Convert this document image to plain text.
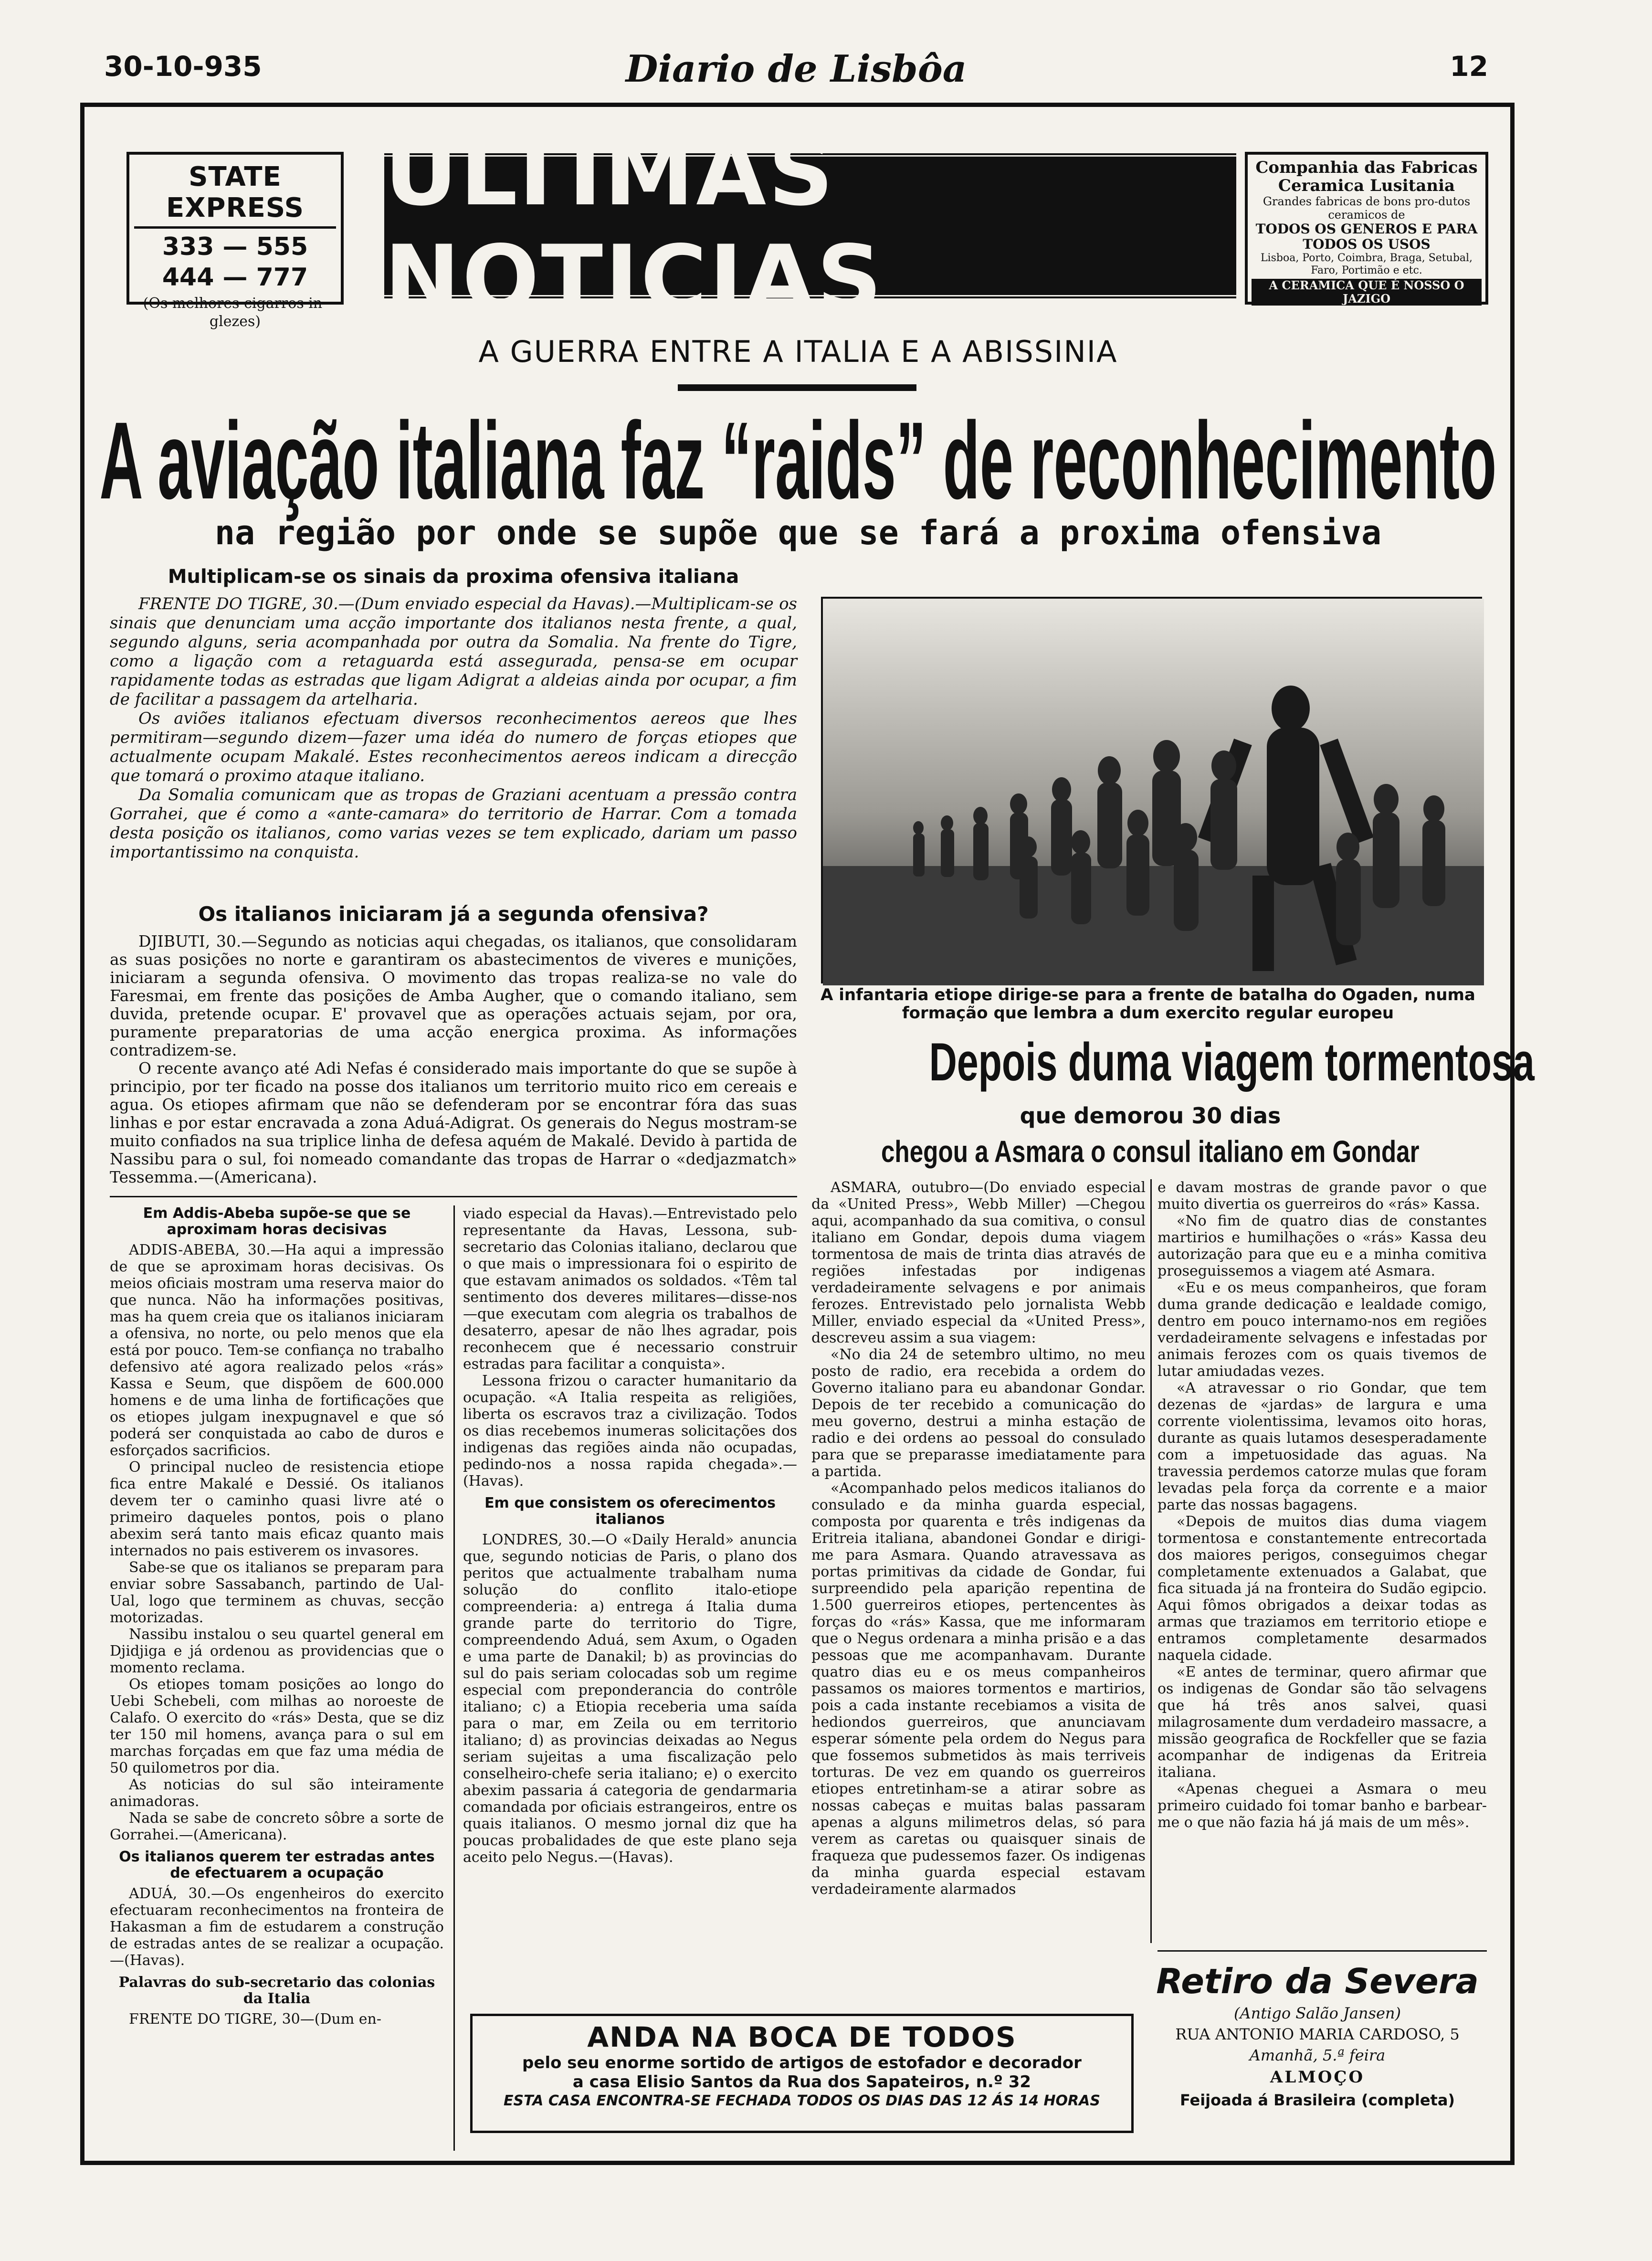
30-10-935	Diario de Lisbôa	12
STATE EXPRESS
333 — 555
444 — 777
(Os melhores cigarros in-glezes)
ULTIMAS NOTICIAS
Companhia das Fabricas
Ceramica Lusitania
Grandes fabricas de bons pro-dutos ceramicos de
TODOS OS GENEROS E PARA TODOS OS USOS
Lisboa, Porto, Coimbra, Braga, Setubal, Faro, Portimão e etc.
A CERAMICA QUE É NOSSO O JAZIGO
A GUERRA ENTRE A ITALIA E A ABISSINIA
A aviação italiana faz “raids” de reconhecimento
na região por onde se supõe que se fará a proxima ofensiva
Multiplicam-se os sinais da proxima ofensiva italiana

FRENTE DO TIGRE, 30.—(Dum enviado especial da Havas).—Multiplicam-se os sinais que denunciam uma acção importante dos italianos nesta frente, a qual, segundo alguns, seria acompanhada por outra da Somalia. Na frente do Tigre, como a ligação com a retaguarda está assegurada, pensa-se em ocupar rapidamente todas as estradas que ligam Adigrat a aldeias ainda por ocupar, a fim de facilitar a passagem da artelharia.

Os aviões italianos efectuam diversos reconhecimentos aereos que lhes permitiram—segundo dizem—fazer uma idéa do numero de forças etiopes que actualmente ocupam Makalé. Estes reconhecimentos aereos indicam a direcção que tomará o proximo ataque italiano.

Da Somalia comunicam que as tropas de Graziani acentuam a pressão contra Gorrahei, que é como a «ante-camara» do territorio de Harrar. Com a tomada desta posição os italianos, como varias vezes se tem explicado, dariam um passo importantissimo na conquista.

Os italianos iniciaram já a segunda ofensiva?

DJIBUTI, 30.—Segundo as noticias aqui chegadas, os italianos, que consolidaram as suas posições no norte e garantiram os abastecimentos de viveres e munições, iniciaram a segunda ofensiva. O movimento das tropas realiza-se no vale do Faresmai, em frente das posições de Amba Augher, que o comando italiano, sem duvida, pretende ocupar. E' provavel que as operações actuais sejam, por ora, puramente preparatorias de uma acção energica proxima. As informações contradizem-se.

O recente avanço até Adi Nefas é considerado mais importante do que se supõe à principio, por ter ficado na posse dos italianos um territorio muito rico em cereais e agua. Os etiopes afirmam que não se defenderam por se encontrar fóra das suas linhas e por estar encravada a zona Aduá-Adigrat. Os generais do Negus mostram-se muito confiados na sua triplice linha de defesa aquém de Makalé. Devido à partida de Nassibu para o sul, foi nomeado comandante das tropas de Harrar o «dedjazmatch» Tessemma.—(Americana).

Em Addis-Abeba supõe-se que se aproximam horas decisivas

ADDIS-ABEBA, 30.—Ha aqui a impressão de que se aproximam horas decisivas. Os meios oficiais mostram uma reserva maior do que nunca. Não ha informações positivas, mas ha quem creia que os italianos iniciaram a ofensiva, no norte, ou pelo menos que ela está por pouco. Tem-se confiança no trabalho defensivo até agora realizado pelos «rás» Kassa e Seum, que dispõem de 600.000 homens e de uma linha de fortificações que os etiopes julgam inexpugnavel e que só poderá ser conquistada ao cabo de duros e esforçados sacrificios.

O principal nucleo de resistencia etiope fica entre Makalé e Dessié. Os italianos devem ter o caminho quasi livre até o primeiro daqueles pontos, pois o plano abexim será tanto mais eficaz quanto mais internados no pais estiverem os invasores.

Sabe-se que os italianos se preparam para enviar sobre Sassabanch, partindo de Ual-Ual, logo que terminem as chuvas, secção motorizadas.

Nassibu instalou o seu quartel general em Djidjiga e já ordenou as providencias que o momento reclama.

Os etiopes tomam posições ao longo do Uebi Schebeli, com milhas ao noroeste de Calafo. O exercito do «rás» Desta, que se diz ter 150 mil homens, avança para o sul em marchas forçadas em que faz uma média de 50 quilometros por dia.

As noticias do sul são inteiramente animadoras.

Nada se sabe de concreto sôbre a sorte de Gorrahei.—(Americana).

Os italianos querem ter estradas antes de efectuarem a ocupação

ADUÁ, 30.—Os engenheiros do exercito efectuaram reconhecimentos na fronteira de Hakasman a fim de estudarem a construção de estradas antes de se realizar a ocupação.—(Havas).

Palavras do sub-secretario das colonias da Italia

FRENTE DO TIGRE, 30—(Dum en-

viado especial da Havas).—Entrevistado pelo representante da Havas, Lessona, sub-secretario das Colonias italiano, declarou que o que mais o impressionara foi o espirito de que estavam animados os soldados. «Têm tal sentimento dos deveres militares—disse-nos—que executam com alegria os trabalhos de desaterro, apesar de não lhes agradar, pois reconhecem que é necessario construir estradas para facilitar a conquista».

Lessona frizou o caracter humanitario da ocupação. «A Italia respeita as religiões, liberta os escravos traz a civilização. Todos os dias recebemos inumeras solicitações dos indigenas das regiões ainda não ocupadas, pedindo-nos a nossa rapida chegada».—(Havas).

Em que consistem os oferecimentos italianos

LONDRES, 30.—O «Daily Herald» anuncia que, segundo noticias de Paris, o plano dos peritos que actualmente trabalham numa solução do conflito italo-etiope compreenderia: a) entrega á Italia duma grande parte do territorio do Tigre, compreendendo Aduá, sem Axum, o Ogaden e uma parte de Danakil; b) as provincias do sul do pais seriam colocadas sob um regime especial com preponderancia do contrôle italiano; c) a Etiopia receberia uma saída para o mar, em Zeila ou em territorio italiano; d) as provincias deixadas ao Negus seriam sujeitas a uma fiscalização pelo conselheiro-chefe seria italiano; e) o exercito abexim passaria á categoria de gendarmaria comandada por oficiais estrangeiros, entre os quais italianos. O mesmo jornal diz que ha poucas probalidades de que este plano seja aceito pelo Negus.—(Havas).

A infantaria etiope dirige-se para a frente de batalha do Ogaden, numa formação que lembra a dum exercito regular europeu
Depois duma viagem tormentosa
que demorou 30 dias
chegou a Asmara o consul italiano em Gondar

ASMARA, outubro—(Do enviado especial da «United Press», Webb Miller) —Chegou aqui, acompanhado da sua comitiva, o consul italiano em Gondar, depois duma viagem tormentosa de mais de trinta dias através de regiões infestadas por indigenas verdadeiramente selvagens e por animais ferozes. Entrevistado pelo jornalista Webb Miller, enviado especial da «United Press», descreveu assim a sua viagem:

«No dia 24 de setembro ultimo, no meu posto de radio, era recebida a ordem do Governo italiano para eu abandonar Gondar. Depois de ter recebido a comunicação do meu governo, destrui a minha estação de radio e dei ordens ao pessoal do consulado para que se preparasse imediatamente para a partida.

«Acompanhado pelos medicos italianos do consulado e da minha guarda especial, composta por quarenta e três indigenas da Eritreia italiana, abandonei Gondar e dirigi-me para Asmara. Quando atravessava as portas primitivas da cidade de Gondar, fui surpreendido pela aparição repentina de 1.500 guerreiros etiopes, pertencentes às forças do «rás» Kassa, que me informaram que o Negus ordenara a minha prisão e a das pessoas que me acompanhavam. Durante quatro dias eu e os meus companheiros passamos os maiores tormentos e martirios, pois a cada instante recebiamos a visita de hediondos guerreiros, que anunciavam esperar sómente pela ordem do Negus para que fossemos submetidos às mais terriveis torturas. De vez em quando os guerreiros etiopes entretinham-se a atirar sobre as nossas cabeças e muitas balas passaram apenas a alguns milimetros delas, só para verem as caretas ou quaisquer sinais de fraqueza que pudessemos fazer. Os indigenas da minha guarda especial estavam verdadeiramente alarmados

e davam mostras de grande pavor o que muito divertia os guerreiros do «rás» Kassa.

«No fim de quatro dias de constantes martirios e humilhações o «rás» Kassa deu autorização para que eu e a minha comitiva proseguissemos a viagem até Asmara.

«Eu e os meus companheiros, que foram duma grande dedicação e lealdade comigo, dentro em pouco internamo-nos em regiões verdadeiramente selvagens e infestadas por animais ferozes com os quais tivemos de lutar amiudadas vezes.

«A atravessar o rio Gondar, que tem dezenas de «jardas» de largura e uma corrente violentissima, levamos oito horas, durante as quais lutamos desesperadamente com a impetuosidade das aguas. Na travessia perdemos catorze mulas que foram levadas pela força da corrente e a maior parte das nossas bagagens.

«Depois de muitos dias duma viagem tormentosa e constantemente entrecortada dos maiores perigos, conseguimos chegar completamente extenuados a Galabat, que fica situada já na fronteira do Sudão egipcio. Aqui fômos obrigados a deixar todas as armas que traziamos em territorio etiope e entramos completamente desarmados naquela cidade.

«E antes de terminar, quero afirmar que os indigenas de Gondar são tão selvagens que há três anos salvei, quasi milagrosamente dum verdadeiro massacre, a missão geografica de Rockfeller que se fazia acompanhar de indigenas da Eritreia italiana.

«Apenas cheguei a Asmara o meu primeiro cuidado foi tomar banho e barbear-me o que não fazia há já mais de um mês».

ANDA NA BOCA DE TODOS
pelo seu enorme sortido de artigos de estofador e decorador
a casa Elisio Santos da Rua dos Sapateiros, n.º 32
ESTA CASA ENCONTRA-SE FECHADA TODOS OS DIAS DAS 12 ÁS 14 HORAS
Retiro da Severa
(Antigo Salão Jansen)
RUA ANTONIO MARIA CARDOSO, 5
Amanhã, 5.ª feira
ALMOÇO
Feijoada á Brasileira (completa)
